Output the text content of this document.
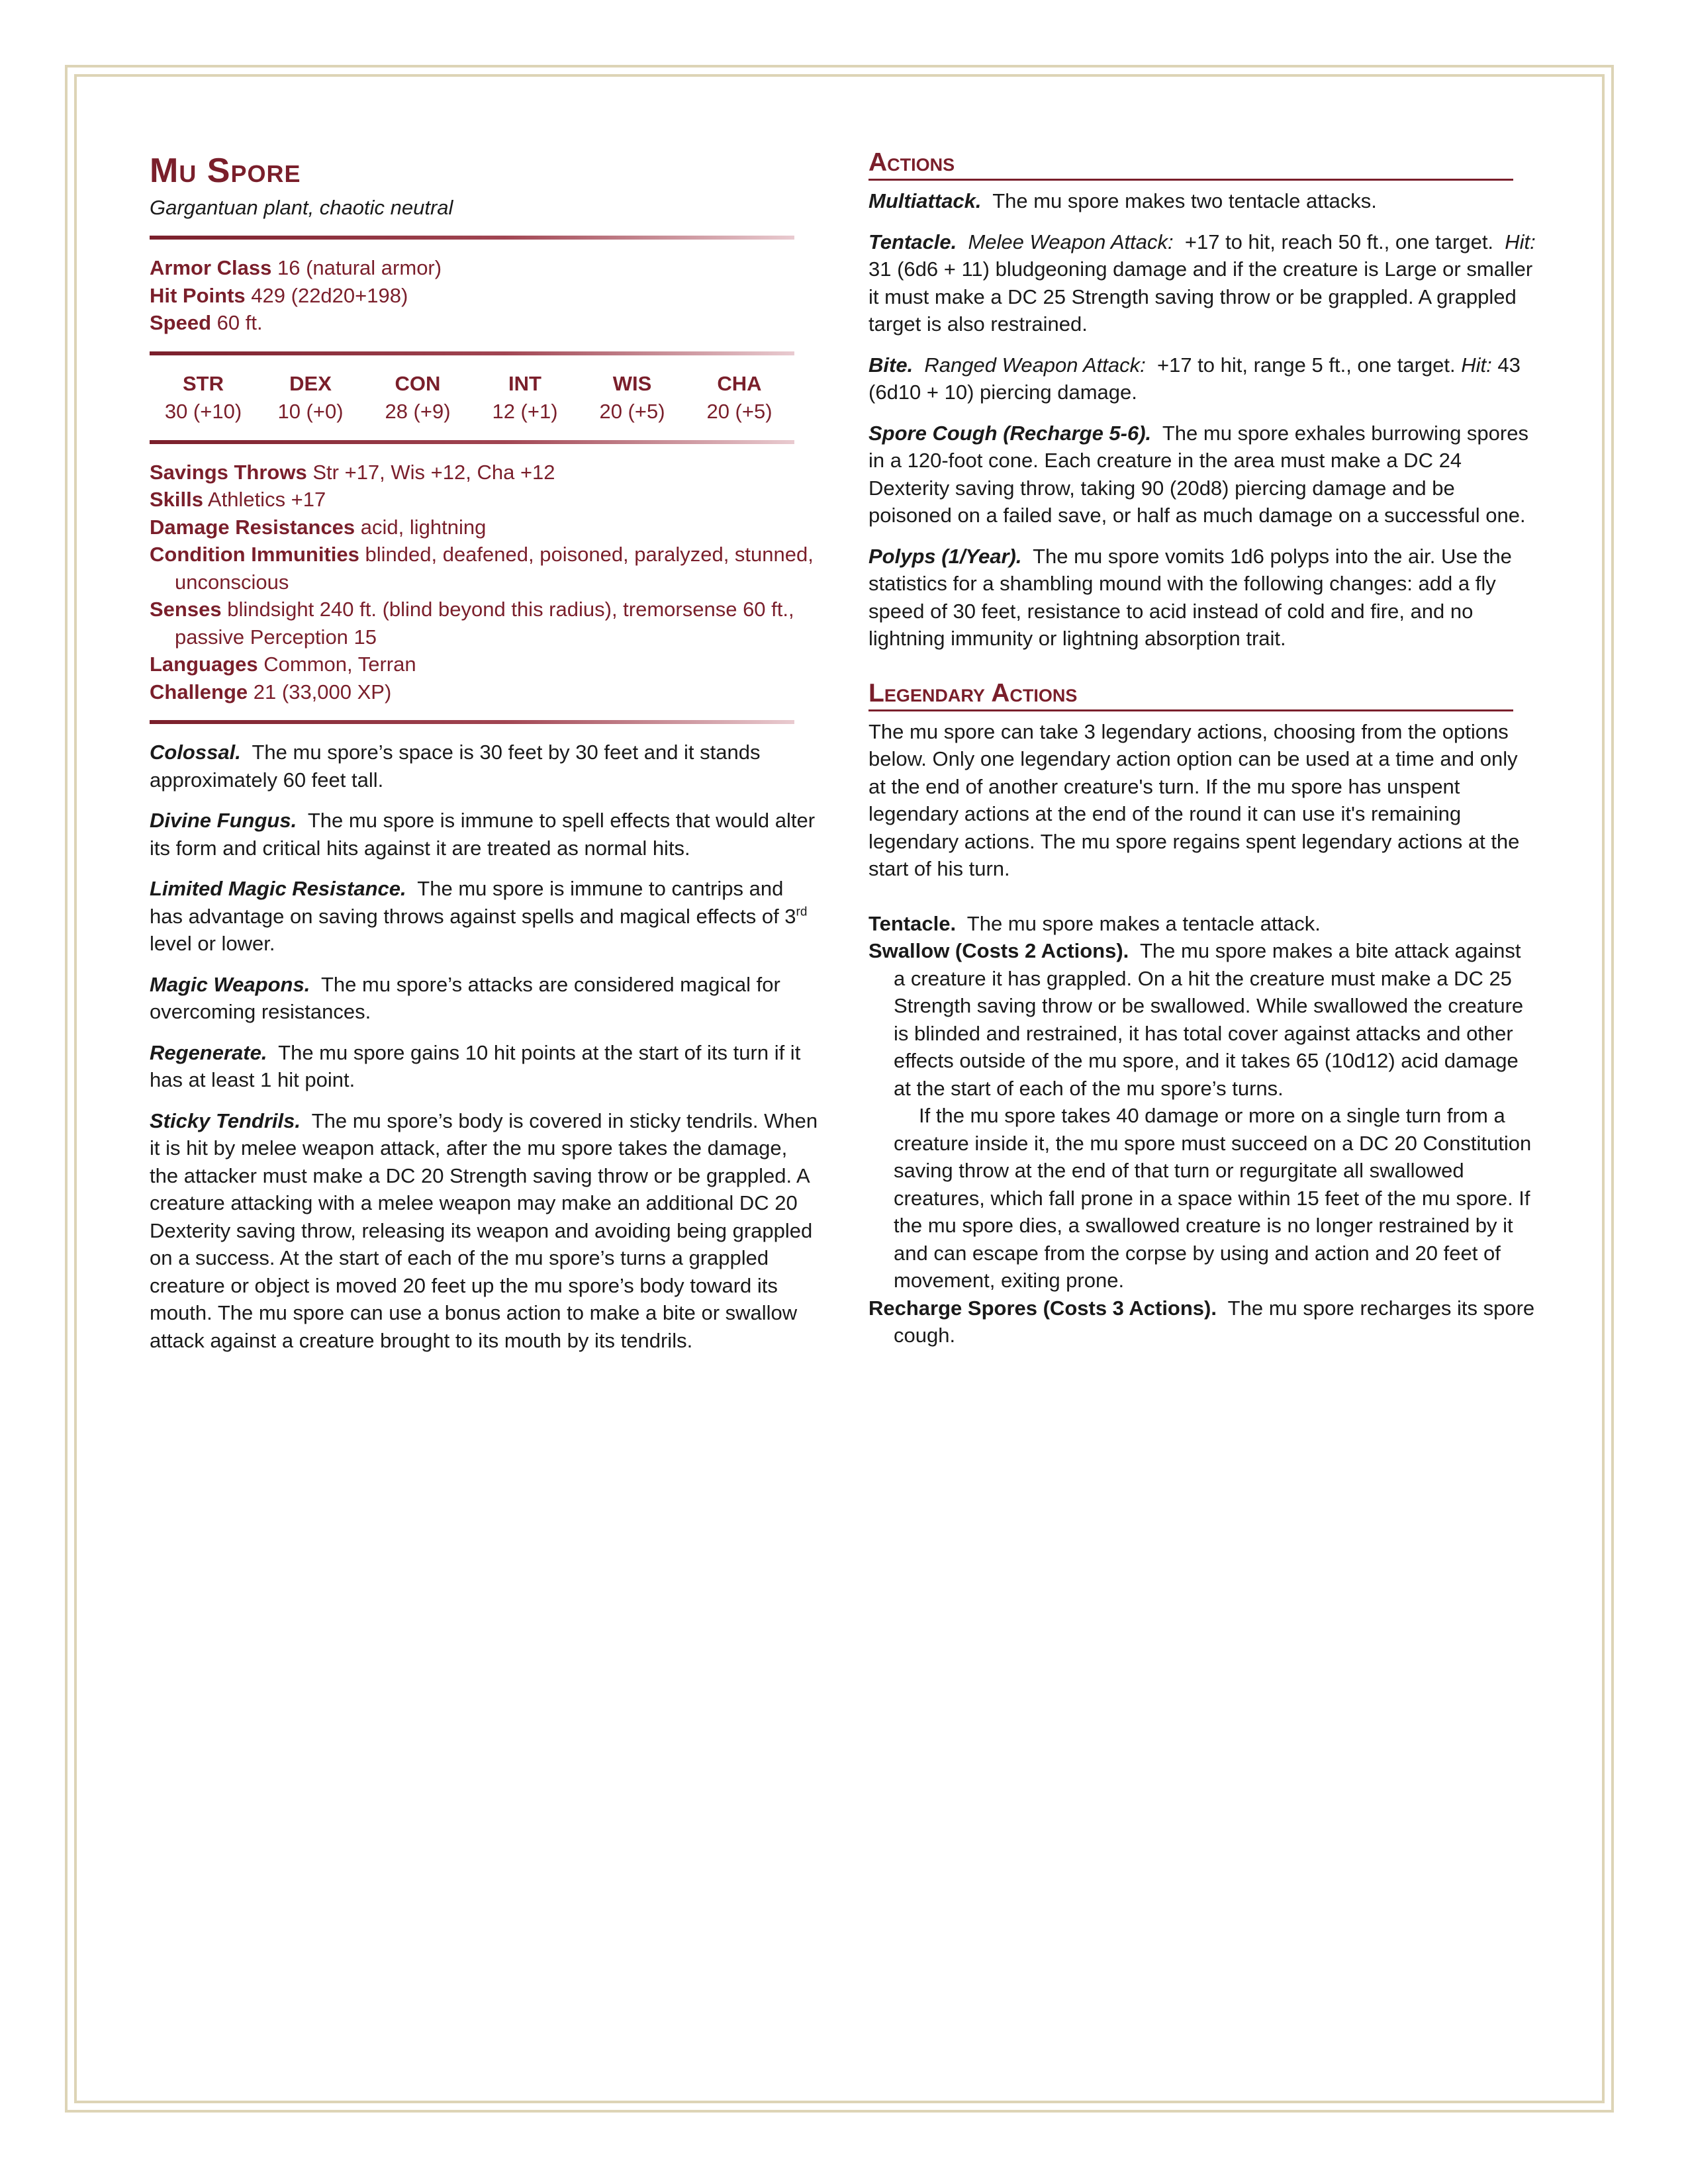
Mu Spore
Gargantuan plant, chaotic neutral
Armor Class 16 (natural armor)
Hit Points 429 (22d20+198)
Speed 60 ft.
STR
30 (+10)
DEX
10 (+0)
CON
28 (+9)
INT
12 (+1)
WIS
20 (+5)
CHA
20 (+5)
Savings Throws Str +17, Wis +12, Cha +12
Skills Athletics +17
Damage Resistances acid, lightning
Condition Immunities blinded, deafened, poisoned, paralyzed, stunned, unconscious
Senses blindsight 240 ft. (blind beyond this radius), tremorsense 60 ft., passive Perception 15
Languages Common, Terran
Challenge 21 (33,000 XP)

Colossal. The mu spore’s space is 30 feet by 30 feet and it stands approximately 60 feet tall.

Divine Fungus. The mu spore is immune to spell effects that would alter its form and critical hits against it are treated as normal hits.

Limited Magic Resistance. The mu spore is immune to cantrips and has advantage on saving throws against spells and magical effects of 3rd level or lower.

Magic Weapons. The mu spore’s attacks are considered magical for overcoming resistances.

Regenerate. The mu spore gains 10 hit points at the start of its turn if it has at least 1 hit point.

Sticky Tendrils. The mu spore’s body is covered in sticky tendrils. When it is hit by melee weapon attack, after the mu spore takes the damage, the attacker must make a DC 20 Strength saving throw or be grappled. A creature attacking with a melee weapon may make an additional DC 20 Dexterity saving throw, releasing its weapon and avoiding being grappled on a success. At the start of each of the mu spore’s turns a grappled creature or object is moved 20 feet up the mu spore’s body toward its mouth. The mu spore can use a bonus action to make a bite or swallow attack against a creature brought to its mouth by its tendrils.

Actions

Multiattack. The mu spore makes two tentacle attacks.

Tentacle. Melee Weapon Attack: +17 to hit, reach 50 ft., one target. Hit: 31 (6d6 + 11) bludgeoning damage and if the creature is Large or smaller it must make a DC 25 Strength saving throw or be grappled. A grappled target is also restrained.

Bite. Ranged Weapon Attack: +17 to hit, range 5 ft., one target. Hit: 43 (6d10 + 10) piercing damage.

Spore Cough (Recharge 5-6). The mu spore exhales burrowing spores in a 120-foot cone. Each creature in the area must make a DC 24 Dexterity saving throw, taking 90 (20d8) piercing damage and be poisoned on a failed save, or half as much damage on a successful one.

Polyps (1/Year). The mu spore vomits 1d6 polyps into the air. Use the statistics for a shambling mound with the following changes: add a fly speed of 30 feet, resistance to acid instead of cold and fire, and no lightning immunity or lightning absorption trait.

Legendary Actions
The mu spore can take 3 legendary actions, choosing from the options below. Only one legendary action option can be used at a time and only at the end of another creature's turn. If the mu spore has unspent legendary actions at the end of the round it can use it's remaining legendary actions. The mu spore regains spent legendary actions at the start of his turn.
Tentacle. The mu spore makes a tentacle attack.
Swallow (Costs 2 Actions). The mu spore makes a bite attack against a creature it has grappled. On a hit the creature must make a DC 25 Strength saving throw or be swallowed. While swallowed the creature is blinded and restrained, it has total cover against attacks and other effects outside of the mu spore, and it takes 65 (10d12) acid damage at the start of each of the mu spore’s turns.
If the mu spore takes 40 damage or more on a single turn from a creature inside it, the mu spore must succeed on a DC 20 Constitution saving throw at the end of that turn or regurgitate all swallowed creatures, which fall prone in a space within 15 feet of the mu spore. If the mu spore dies, a swallowed creature is no longer restrained by it and can escape from the corpse by using and action and 20 feet of movement, exiting prone.
Recharge Spores (Costs 3 Actions). The mu spore recharges its spore cough.
